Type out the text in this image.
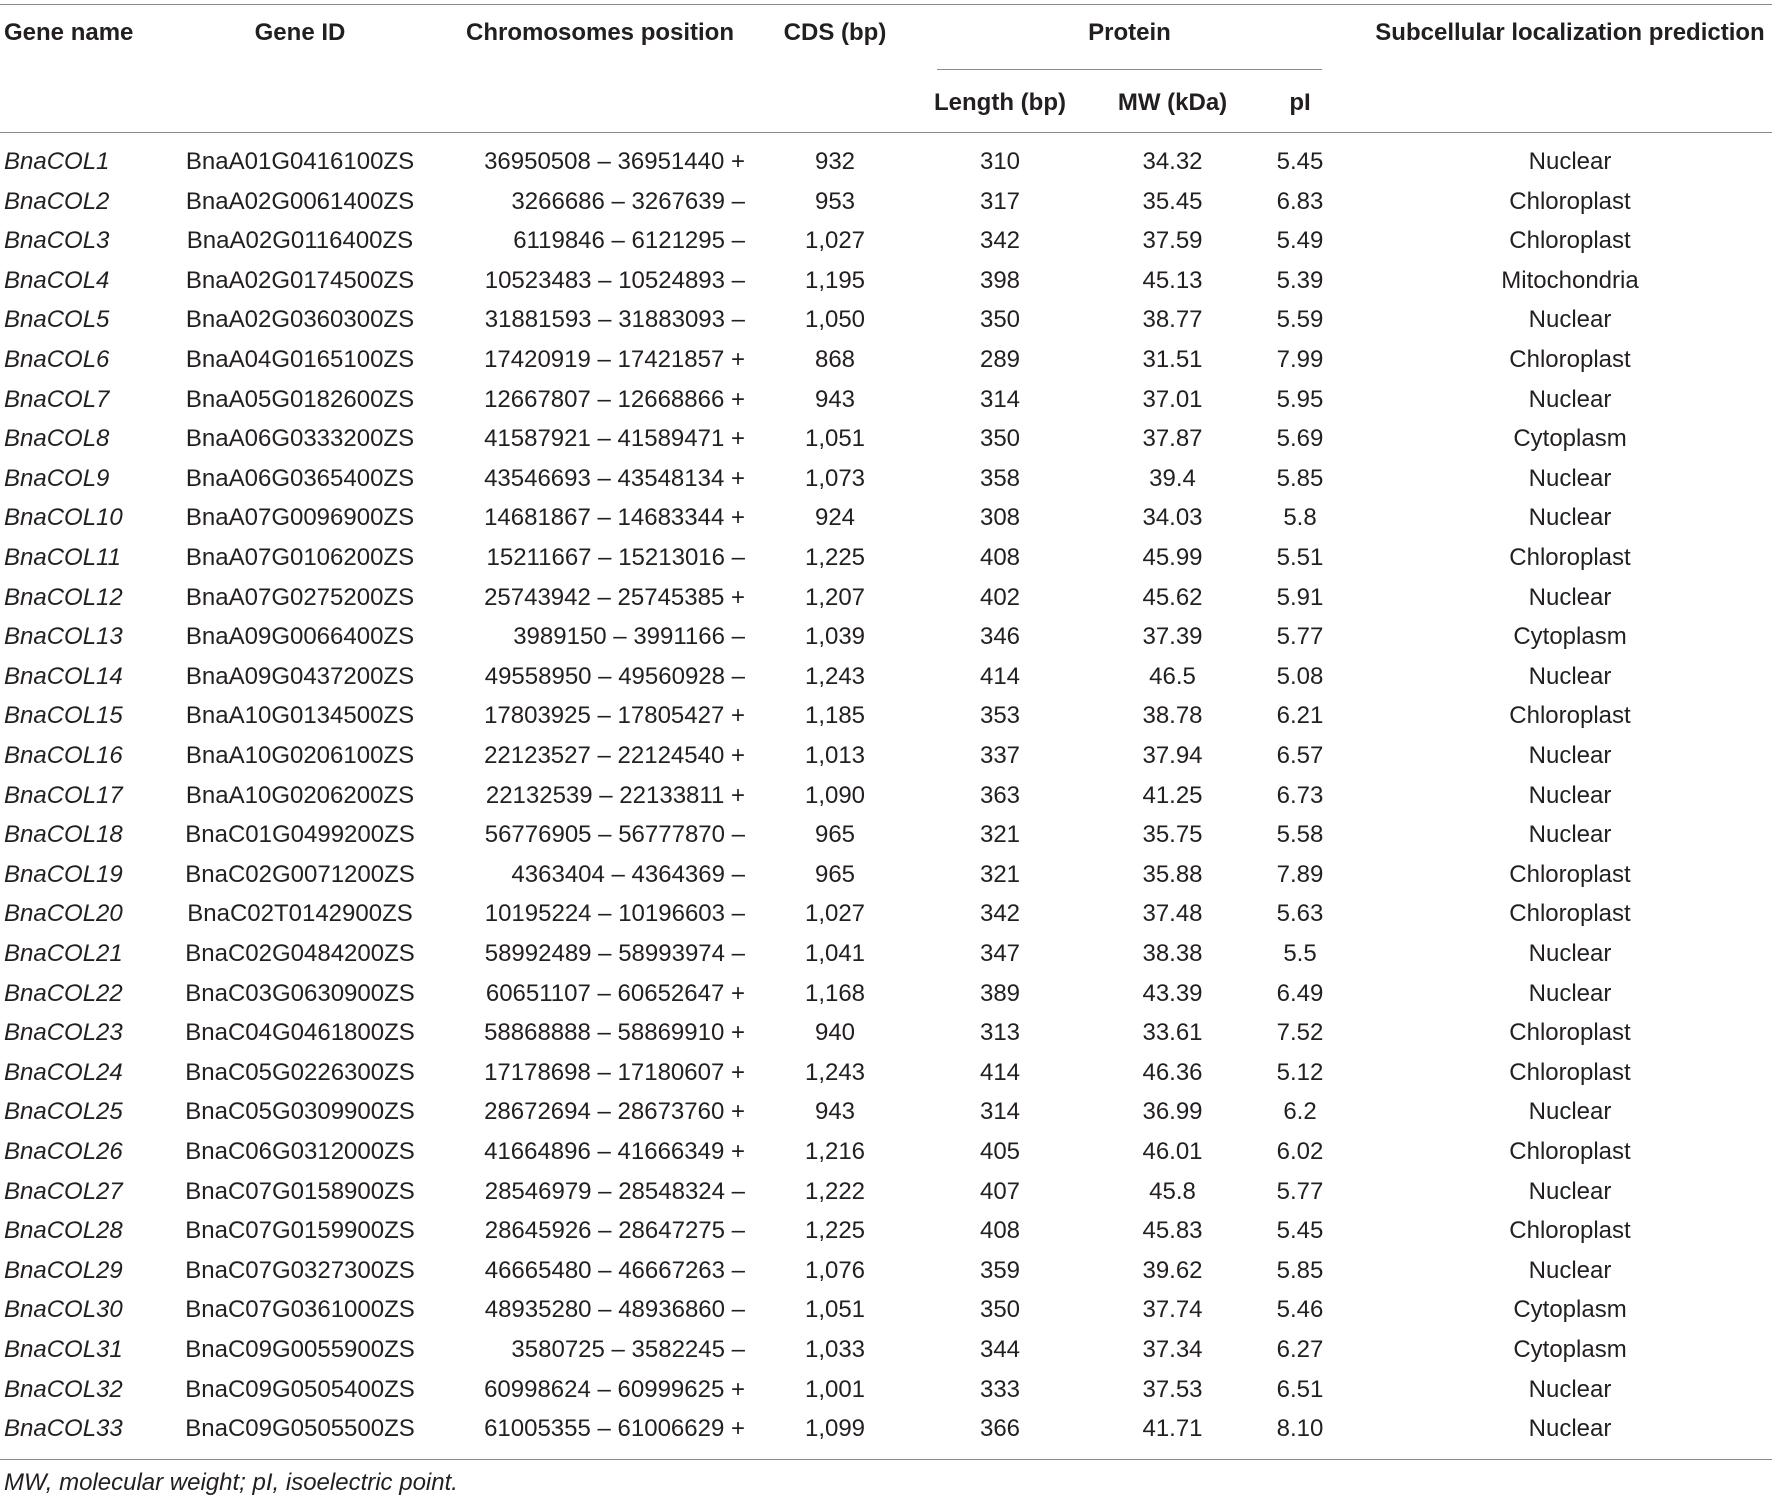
Gene name	Gene ID	Chromosomes position	CDS (bp)	Protein	Subcellular localization prediction
Length (bp)	MW (kDa)	pI
BnaCOL1	BnaA01G0416100ZS	36950508 – 36951440 +	932	310	34.32	5.45	Nuclear
BnaCOL2	BnaA02G0061400ZS	3266686 – 3267639 –	953	317	35.45	6.83	Chloroplast
BnaCOL3	BnaA02G0116400ZS	6119846 – 6121295 –	1,027	342	37.59	5.49	Chloroplast
BnaCOL4	BnaA02G0174500ZS	10523483 – 10524893 –	1,195	398	45.13	5.39	Mitochondria
BnaCOL5	BnaA02G0360300ZS	31881593 – 31883093 –	1,050	350	38.77	5.59	Nuclear
BnaCOL6	BnaA04G0165100ZS	17420919 – 17421857 +	868	289	31.51	7.99	Chloroplast
BnaCOL7	BnaA05G0182600ZS	12667807 – 12668866 +	943	314	37.01	5.95	Nuclear
BnaCOL8	BnaA06G0333200ZS	41587921 – 41589471 +	1,051	350	37.87	5.69	Cytoplasm
BnaCOL9	BnaA06G0365400ZS	43546693 – 43548134 +	1,073	358	39.4	5.85	Nuclear
BnaCOL10	BnaA07G0096900ZS	14681867 – 14683344 +	924	308	34.03	5.8	Nuclear
BnaCOL11	BnaA07G0106200ZS	15211667 – 15213016 –	1,225	408	45.99	5.51	Chloroplast
BnaCOL12	BnaA07G0275200ZS	25743942 – 25745385 +	1,207	402	45.62	5.91	Nuclear
BnaCOL13	BnaA09G0066400ZS	3989150 – 3991166 –	1,039	346	37.39	5.77	Cytoplasm
BnaCOL14	BnaA09G0437200ZS	49558950 – 49560928 –	1,243	414	46.5	5.08	Nuclear
BnaCOL15	BnaA10G0134500ZS	17803925 – 17805427 +	1,185	353	38.78	6.21	Chloroplast
BnaCOL16	BnaA10G0206100ZS	22123527 – 22124540 +	1,013	337	37.94	6.57	Nuclear
BnaCOL17	BnaA10G0206200ZS	22132539 – 22133811 +	1,090	363	41.25	6.73	Nuclear
BnaCOL18	BnaC01G0499200ZS	56776905 – 56777870 –	965	321	35.75	5.58	Nuclear
BnaCOL19	BnaC02G0071200ZS	4363404 – 4364369 –	965	321	35.88	7.89	Chloroplast
BnaCOL20	BnaC02T0142900ZS	10195224 – 10196603 –	1,027	342	37.48	5.63	Chloroplast
BnaCOL21	BnaC02G0484200ZS	58992489 – 58993974 –	1,041	347	38.38	5.5	Nuclear
BnaCOL22	BnaC03G0630900ZS	60651107 – 60652647 +	1,168	389	43.39	6.49	Nuclear
BnaCOL23	BnaC04G0461800ZS	58868888 – 58869910 +	940	313	33.61	7.52	Chloroplast
BnaCOL24	BnaC05G0226300ZS	17178698 – 17180607 +	1,243	414	46.36	5.12	Chloroplast
BnaCOL25	BnaC05G0309900ZS	28672694 – 28673760 +	943	314	36.99	6.2	Nuclear
BnaCOL26	BnaC06G0312000ZS	41664896 – 41666349 +	1,216	405	46.01	6.02	Chloroplast
BnaCOL27	BnaC07G0158900ZS	28546979 – 28548324 –	1,222	407	45.8	5.77	Nuclear
BnaCOL28	BnaC07G0159900ZS	28645926 – 28647275 –	1,225	408	45.83	5.45	Chloroplast
BnaCOL29	BnaC07G0327300ZS	46665480 – 46667263 –	1,076	359	39.62	5.85	Nuclear
BnaCOL30	BnaC07G0361000ZS	48935280 – 48936860 –	1,051	350	37.74	5.46	Cytoplasm
BnaCOL31	BnaC09G0055900ZS	3580725 – 3582245 –	1,033	344	37.34	6.27	Cytoplasm
BnaCOL32	BnaC09G0505400ZS	60998624 – 60999625 +	1,001	333	37.53	6.51	Nuclear
BnaCOL33	BnaC09G0505500ZS	61005355 – 61006629 +	1,099	366	41.71	8.10	Nuclear
MW, molecular weight; pI, isoelectric point.
